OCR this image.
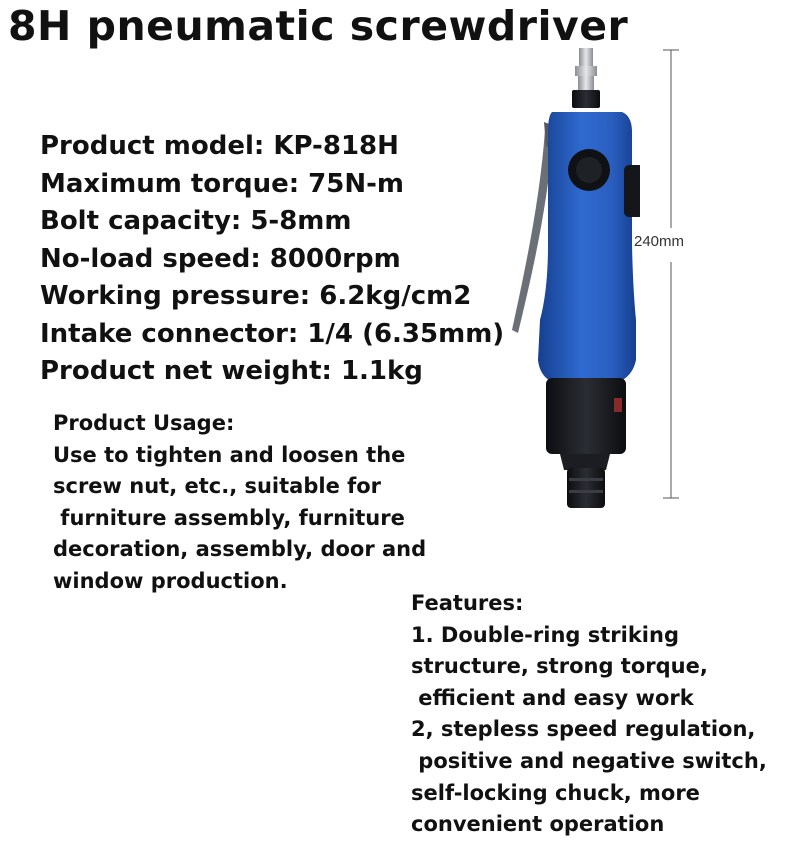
8H pneumatic screwdriver
Product model: KP-818H
Maximum torque: 75N-m
Bolt capacity: 5-8mm
No-load speed: 8000rpm
Working pressure: 6.2kg/cm2
Intake connector: 1/4 (6.35mm)
Product net weight: 1.1kg
Product Usage:
Use to tighten and loosen the
screw nut, etc., suitable for
furniture assembly, furniture
decoration, assembly, door and
window production.
Features:
1. Double-ring striking
structure, strong torque,
efficient and easy work
2, stepless speed regulation,
positive and negative switch,
self-locking chuck, more
convenient operation
240mm
